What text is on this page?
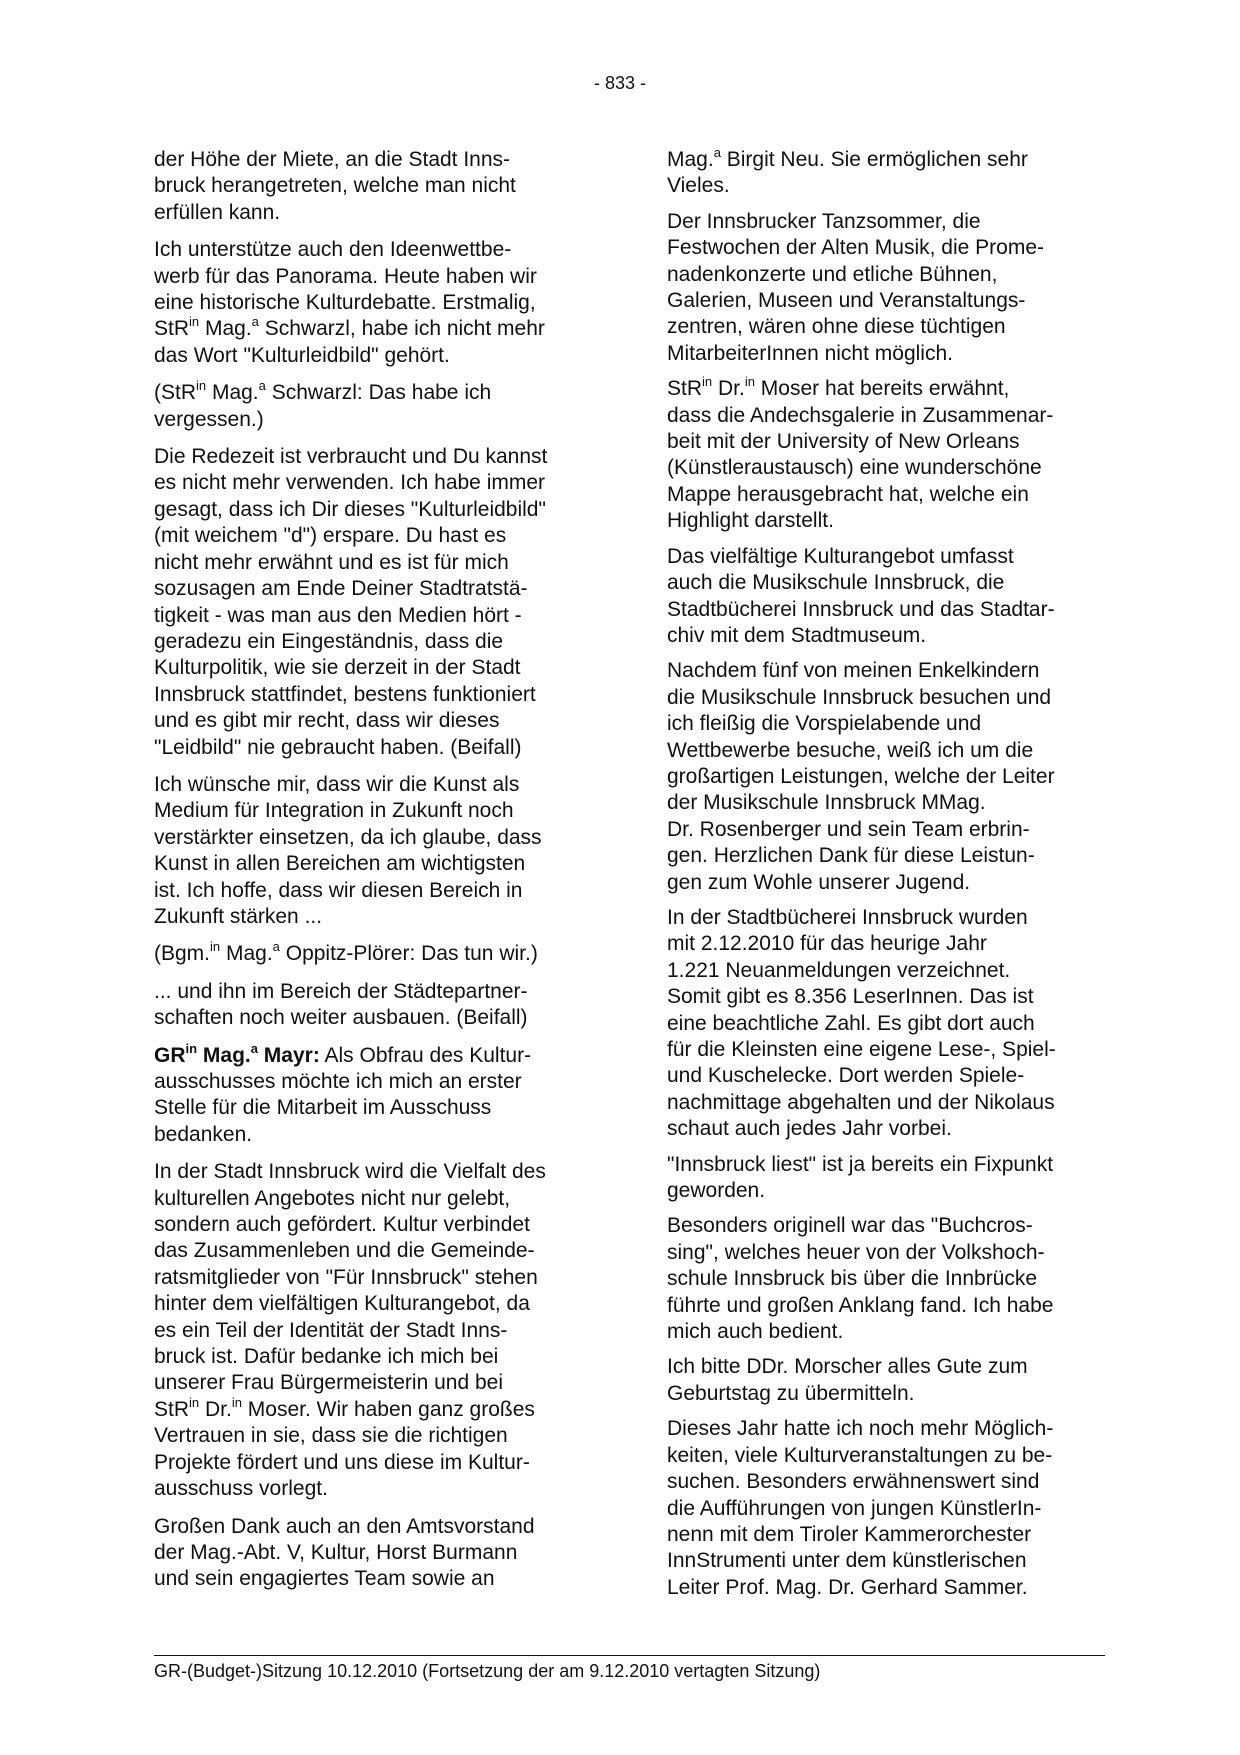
- 833 -

der Höhe der Miete, an die Stadt Inns-
bruck herangetreten, welche man nicht
erfüllen kann.

Ich unterstütze auch den Ideenwettbe-
werb für das Panorama. Heute haben wir
eine historische Kulturdebatte. Erstmalig,
StR$^{in}$ Mag.$^a$ Schwarzl, habe ich nicht mehr
das Wort "Kulturleidbild" gehört.

(StR$^{in}$ Mag.$^a$ Schwarzl: Das habe ich
vergessen.)

Die Redezeit ist verbraucht und Du kannst
es nicht mehr verwenden. Ich habe immer
gesagt, dass ich Dir dieses "Kulturleidbild"
(mit weichem "d") erspare. Du hast es
nicht mehr erwähnt und es ist für mich
sozusagen am Ende Deiner Stadtratstä-
tigkeit - was man aus den Medien hört -
geradezu ein Eingeständnis, dass die
Kulturpolitik, wie sie derzeit in der Stadt
Innsbruck stattfindet, bestens funktioniert
und es gibt mir recht, dass wir dieses
"Leidbild" nie gebraucht haben. (Beifall)

Ich wünsche mir, dass wir die Kunst als
Medium für Integration in Zukunft noch
verstärkter einsetzen, da ich glaube, dass
Kunst in allen Bereichen am wichtigsten
ist. Ich hoffe, dass wir diesen Bereich in
Zukunft stärken ...

(Bgm.$^{in}$ Mag.$^a$ Oppitz-Plörer: Das tun wir.)

... und ihn im Bereich der Städtepartner-
schaften noch weiter ausbauen. (Beifall)

$GR^{in}$ Mag.$^a$ Mayr: Als Obfrau des Kultur-
ausschusses möchte ich mich an erster
Stelle für die Mitarbeit im Ausschuss
bedanken.

In der Stadt Innsbruck wird die Vielfalt des
kulturellen Angebotes nicht nur gelebt,
sondern auch gefördert. Kultur verbindet
das Zusammenleben und die Gemeinde-
ratsmitglieder von "Für Innsbruck" stehen
hinter dem vielfältigen Kulturangebot, da
es ein Teil der Identität der Stadt Inns-
bruck ist. Dafür bedanke ich mich bei
unserer Frau Bürgermeisterin und bei
StR$^{in}$ Dr.$^{in}$ Moser. Wir haben ganz großes
Vertrauen in sie, dass sie die richtigen
Projekte fördert und uns diese im Kultur-
ausschuss vorlegt.

Großen Dank auch an den Amtsvorstand
der Mag.-Abt. V, Kultur, Horst Burmann
und sein engagiertes Team sowie an

Mag.$^a$ Birgit Neu. Sie ermöglichen sehr
Vieles.

Der Innsbrucker Tanzsommer, die
Festwochen der Alten Musik, die Prome-
nadenkonzerte und etliche Bühnen,
Galerien, Museen und Veranstaltungs-
zentren, wären ohne diese tüchtigen
MitarbeiterInnen nicht möglich.

StR$^{in}$ Dr.$^{in}$ Moser hat bereits erwähnt,
dass die Andechsgalerie in Zusammenar-
beit mit der University of New Orleans
(Künstleraustausch) eine wunderschöne
Mappe herausgebracht hat, welche ein
Highlight darstellt.

Das vielfältige Kulturangebot umfasst
auch die Musikschule Innsbruck, die
Stadtbücherei Innsbruck und das Stadtar-
chiv mit dem Stadtmuseum.

Nachdem fünf von meinen Enkelkindern
die Musikschule Innsbruck besuchen und
ich fleißig die Vorspielabende und
Wettbewerbe besuche, weiß ich um die
großartigen Leistungen, welche der Leiter
der Musikschule Innsbruck MMag.
Dr. Rosenberger und sein Team erbrin-
gen. Herzlichen Dank für diese Leistun-
gen zum Wohle unserer Jugend.

In der Stadtbücherei Innsbruck wurden
mit 2.12.2010 für das heurige Jahr
1.221 Neuanmeldungen verzeichnet.
Somit gibt es 8.356 LeserInnen. Das ist
eine beachtliche Zahl. Es gibt dort auch
für die Kleinsten eine eigene Lese-, Spiel-
und Kuschelecke. Dort werden Spiele-
nachmittage abgehalten und der Nikolaus
schaut auch jedes Jahr vorbei.

"Innsbruck liest" ist ja bereits ein Fixpunkt
geworden.

Besonders originell war das "Buchcros-
sing", welches heuer von der Volkshoch-
schule Innsbruck bis über die Innbrücke
führte und großen Anklang fand. Ich habe
mich auch bedient.

Ich bitte DDr. Morscher alles Gute zum
Geburtstag zu übermitteln.

Dieses Jahr hatte ich noch mehr Möglich-
keiten, viele Kulturveranstaltungen zu be-
suchen. Besonders erwähnenswert sind
die Aufführungen von jungen KünstlerIn-
nenn mit dem Tiroler Kammerorchester
InnStrumenti unter dem künstlerischen
Leiter Prof. Mag. Dr. Gerhard Sammer.

GR-(Budget-)Sitzung 10.12.2010 (Fortsetzung der am 9.12.2010 vertagten Sitzung)
